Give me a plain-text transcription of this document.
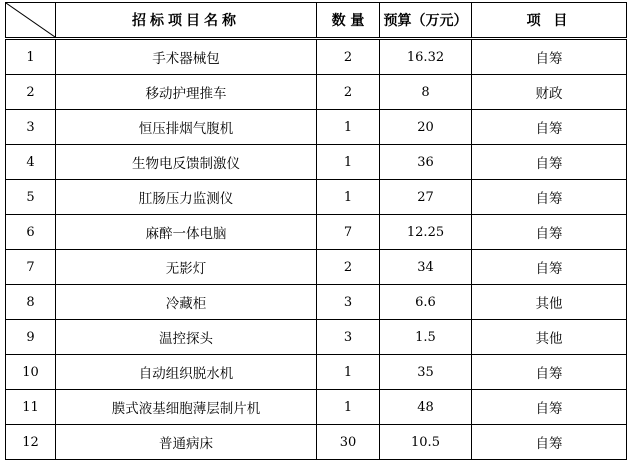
	招标项目名称	数 量	预算（万元）	项 目
1	手术器械包	2	16.32	自筹
2	移动护理推车	2	8	财政
3	恒压排烟气腹机	1	20	自筹
4	生物电反馈制激仪	1	36	自筹
5	肛肠压力监测仪	1	27	自筹
6	麻醉一体电脑	7	12.25	自筹
7	无影灯	2	34	自筹
8	冷藏柜	3	6.6	其他
9	温控探头	3	1.5	其他
10	自动组织脱水机	1	35	自筹
11	膜式液基细胞薄层制片机	1	48	自筹
12	普通病床	30	10.5	自筹
